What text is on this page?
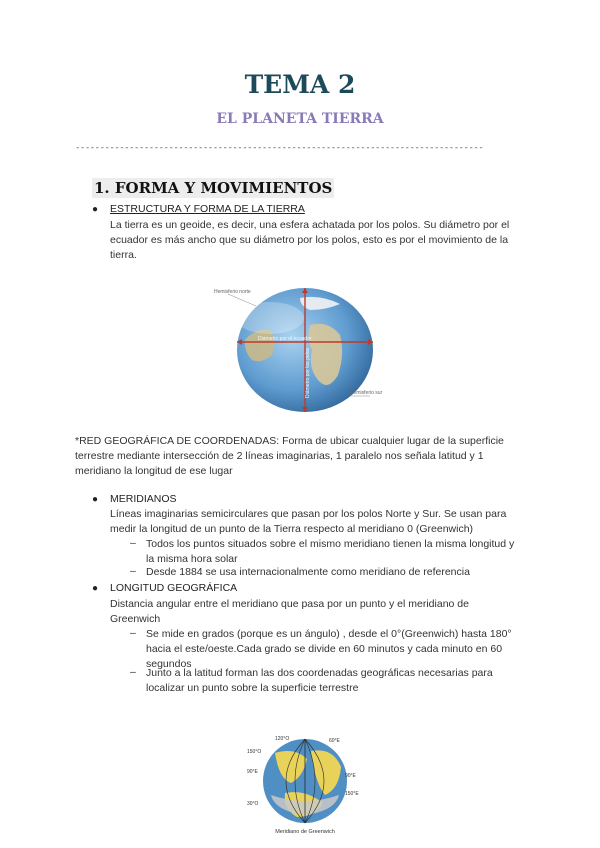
TEMA 2
EL PLANETA TIERRA
-----------------------------------------------------------------------------------
1. FORMA Y MOVIMIENTOS
● ESTRUCTURA Y FORMA DE LA TIERRA
La tierra es un geoide, es decir, una esfera achatada por los polos. Su diámetro por el ecuador es más ancho que su diámetro por los polos, esto es por el movimiento de la tierra.
Hemisferio norte
Diámetro por el ecuador
Diámetro por los polos	Hemisferio sur
*RED GEOGRÁFICA DE COORDENADAS: Forma de ubicar cualquier lugar de la superficie terrestre mediante intersección de 2 líneas imaginarias, 1 paralelo nos señala latitud y 1 meridiano la longitud de ese lugar
● MERIDIANOS
Líneas imaginarias semicirculares que pasan por los polos Norte y Sur. Se usan para medir la longitud de un punto de la Tierra respecto al meridiano 0 (Greenwich)
– Todos los puntos situados sobre el mismo meridiano tienen la misma longitud y la misma hora solar
– Desde 1884 se usa internacionalmente como meridiano de referencia
● LONGITUD GEOGRÁFICA
Distancia angular entre el meridiano que pasa por un punto y el meridiano de Greenwich
– Se mide en grados (porque es un ángulo) , desde el 0°(Greenwich) hasta 180° hacia el este/oeste.Cada grado se divide en 60 minutos y cada minuto en 60 segundos
– Junto a la latitud forman las dos coordenadas geográficas necesarias para localizar un punto sobre la superficie terrestre
120°O	60°E
150°O
90°E
30°O
90°E
150°E
Meridiano de Greenwich
